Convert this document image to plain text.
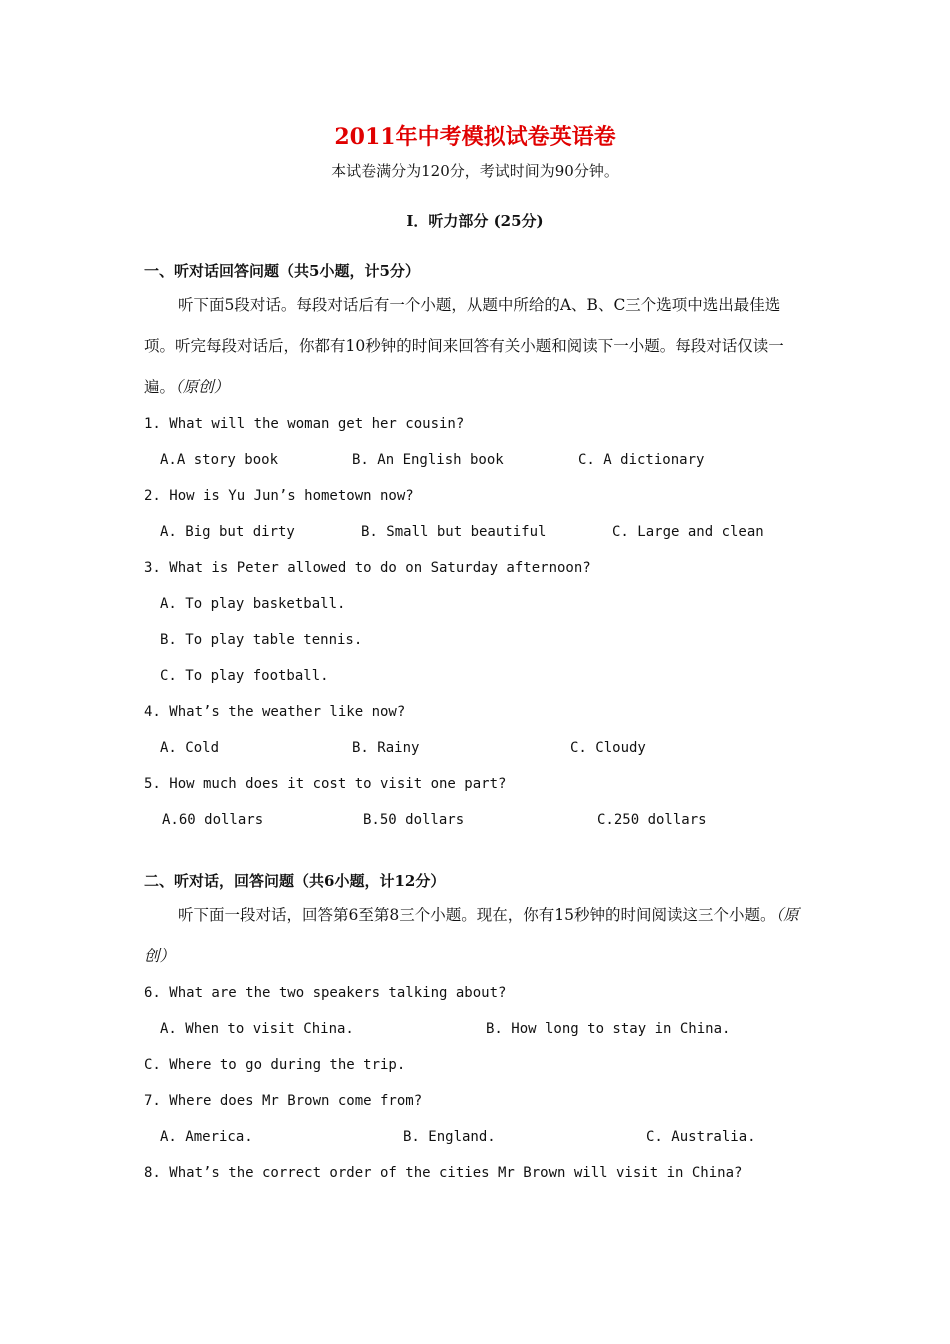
2011年中考模拟试卷英语卷
本试卷满分为120分，考试时间为90分钟。
I．听力部分 (25分)
一、听对话回答问题（共5小题，计5分）
听下面5段对话。每段对话后有一个小题，从题中所给的A、B、C三个选项中选出最佳选项。听完每段对话后，你都有10秒钟的时间来回答有关小题和阅读下一小题。每段对话仅读一遍。（原创）
1. What will the woman get her cousin?
A.A story book	B. An English book	C. A dictionary
2. How is Yu Jun’s hometown now?
A. Big but dirty	B. Small but beautiful	C. Large and clean
3. What is Peter allowed to do on Saturday afternoon?
A. To play basketball.
B. To play table tennis.
C. To play football.
4. What’s the weather like now?
A. Cold	B. Rainy	C. Cloudy
5. How much does it cost to visit one part?
A.60 dollars	B.50 dollars	C.250 dollars
二、听对话，回答问题（共6小题，计12分）
听下面一段对话，回答第6至第8三个小题。现在，你有15秒钟的时间阅读这三个小题。（原创）
6. What are the two speakers talking about?
A. When to visit China.	B. How long to stay in China.
C. Where to go during the trip.
7. Where does Mr Brown come from?
A. America.	B. England.	C. Australia.
8. What’s the correct order of the cities Mr Brown will visit in China?
